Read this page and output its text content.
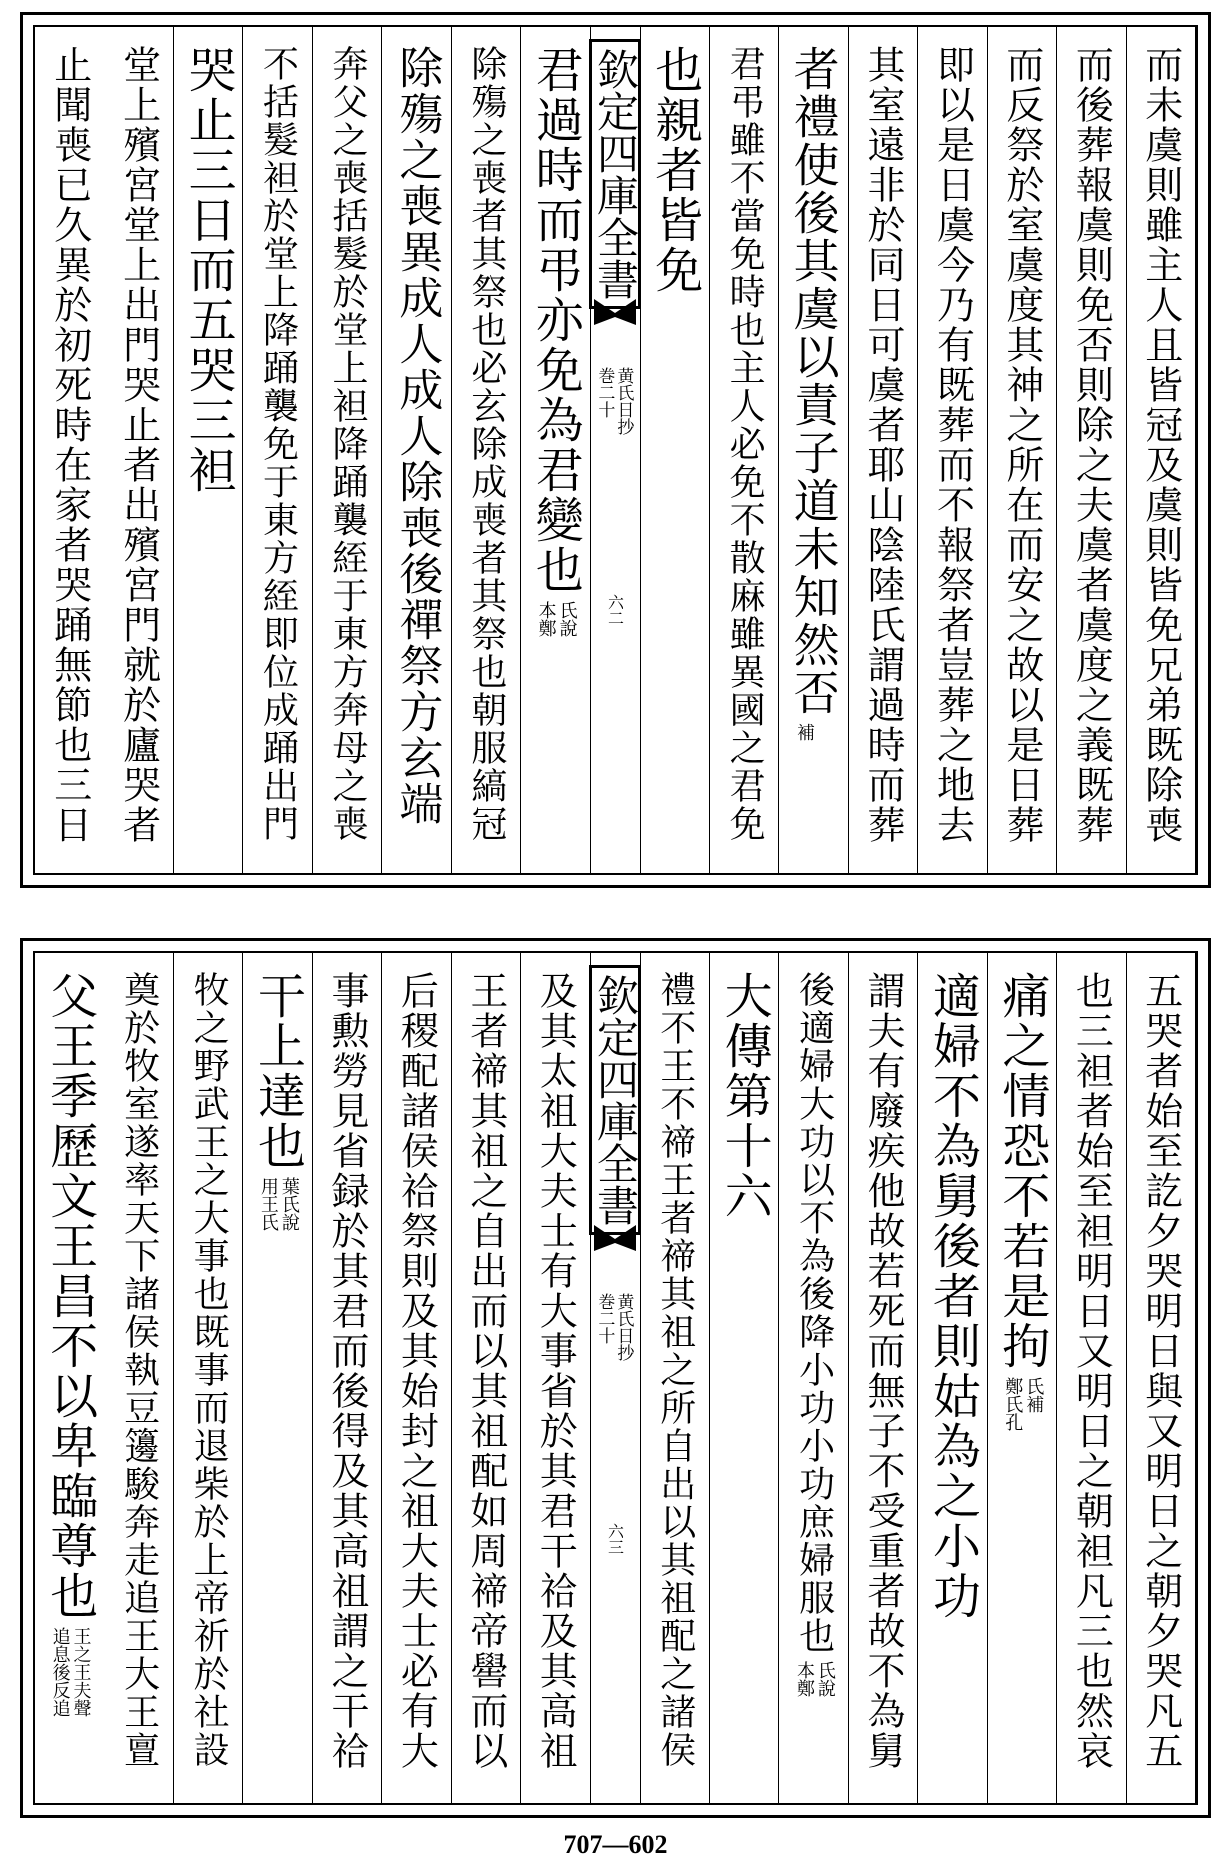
而未虞則雖主人且皆冠及虞則皆免兄弟既除喪
而後葬報虞則免否則除之夫虞者虞度之義既葬
而反祭於室虞度其神之所在而安之故以是日葬
即以是日虞今乃有既葬而不報祭者豈葬之地去
其室遠非於同日可虞者耶山陰陸氏謂過時而葬
者禮使後其虞以責子道未知然否
補
君弔雖不當免時也主人必免不散麻雖異國之君免
也親者皆免
欽定四庫全書
黄氏日抄
巻二十
六二
君過時而弔亦免為君變也
氏說
本鄭
除殤之喪者其祭也必玄除成喪者其祭也朝服縞冠
除殤之喪異成人成人除喪後禪祭方玄端
奔父之喪括髮於堂上袒降踊襲絰于東方奔母之喪
不括髮袒於堂上降踊襲免于東方絰即位成踊出門
哭止三日而五哭三袒
堂上殯宮堂上出門哭止者出殯宮門就於廬哭者
止聞喪已久異於初死時在家者哭踊無節也三日
五哭者始至訖夕哭明日與又明日之朝夕哭凡五
也三袒者始至袒明日又明日之朝袒凡三也然哀
痛之情恐不若是拘
氏補
鄭氏孔
適婦不為舅後者則姑為之小功
謂夫有廢疾他故若死而無子不受重者故不為舅
後適婦大功以不為後降小功小功庶婦服也
氏說
本鄭
大傳第十六
禮不王不禘王者禘其祖之所自出以其祖配之諸侯
欽定四庫全書
黄氏日抄
巻二十
六三
及其太祖大夫士有大事省於其君干祫及其高祖
王者禘其祖之自出而以其祖配如周禘帝嚳而以
后稷配諸侯祫祭則及其始封之祖大夫士必有大
事勲勞見省録於其君而後得及其高祖謂之干祫
干上達也
葉氏說
用王氏
牧之野武王之大事也既事而退柴於上帝祈於社設
奠於牧室遂率天下諸侯執豆籩駿奔走追王大王亶
父王季歷文王昌不以卑臨尊也
王之王夫聲
追息後反追
707—602
